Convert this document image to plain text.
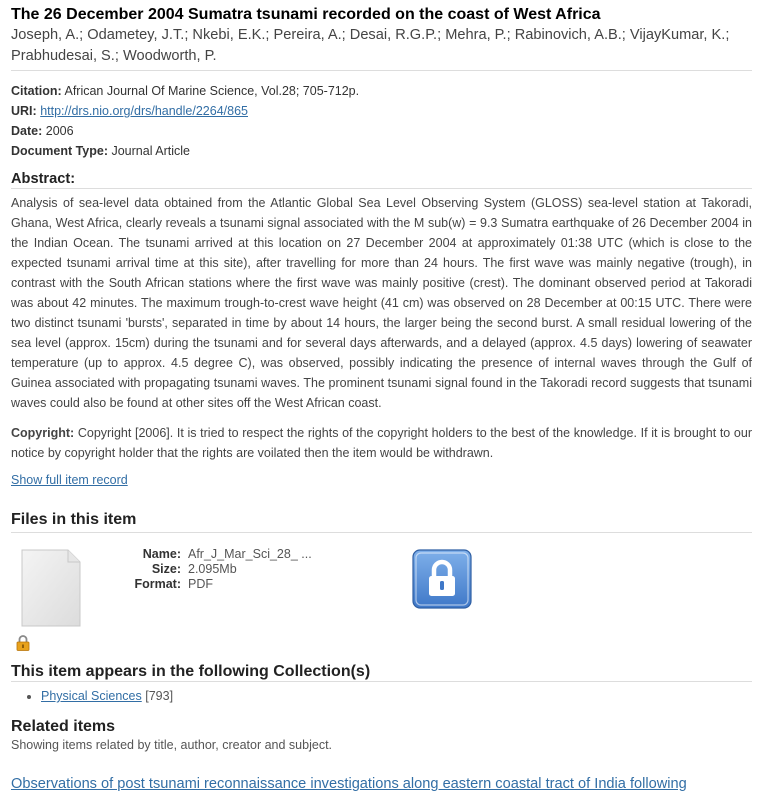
The 26 December 2004 Sumatra tsunami recorded on the coast of West Africa
Joseph, A.; Odametey, J.T.; Nkebi, E.K.; Pereira, A.; Desai, R.G.P.; Mehra, P.; Rabinovich, A.B.; VijayKumar, K.; Prabhudesai, S.; Woodworth, P.
Citation: African Journal Of Marine Science, Vol.28; 705-712p.
URI: http://drs.nio.org/drs/handle/2264/865
Date: 2006
Document Type: Journal Article
Abstract:
Analysis of sea-level data obtained from the Atlantic Global Sea Level Observing System (GLOSS) sea-level station at Takoradi, Ghana, West Africa, clearly reveals a tsunami signal associated with the M sub(w) = 9.3 Sumatra earthquake of 26 December 2004 in the Indian Ocean. The tsunami arrived at this location on 27 December 2004 at approximately 01:38 UTC (which is close to the expected tsunami arrival time at this site), after travelling for more than 24 hours. The first wave was mainly negative (trough), in contrast with the South African stations where the first wave was mainly positive (crest). The dominant observed period at Takoradi was about 42 minutes. The maximum trough-to-crest wave height (41 cm) was observed on 28 December at 00:15 UTC. There were two distinct tsunami 'bursts', separated in time by about 14 hours, the larger being the second burst. A small residual lowering of the sea level (approx. 15cm) during the tsunami and for several days afterwards, and a delayed (approx. 4.5 days) lowering of seawater temperature (up to approx. 4.5 degree C), was observed, possibly indicating the presence of internal waves through the Gulf of Guinea associated with propagating tsunami waves. The prominent tsunami signal found in the Takoradi record suggests that tsunami waves could also be found at other sites off the West African coast.
Copyright: Copyright [2006]. It is tried to respect the rights of the copyright holders to the best of the knowledge. If it is brought to our notice by copyright holder that the rights are voilated then the item would be withdrawn.
Show full item record
Files in this item
Name: Afr_J_Mar_Sci_28_ ...
Size: 2.095Mb
Format: PDF
This item appears in the following Collection(s)
• Physical Sciences [793]
Related items
Showing items related by title, author, creator and subject.
Observations of post tsunami reconnaissance investigations along eastern coastal tract of India following
